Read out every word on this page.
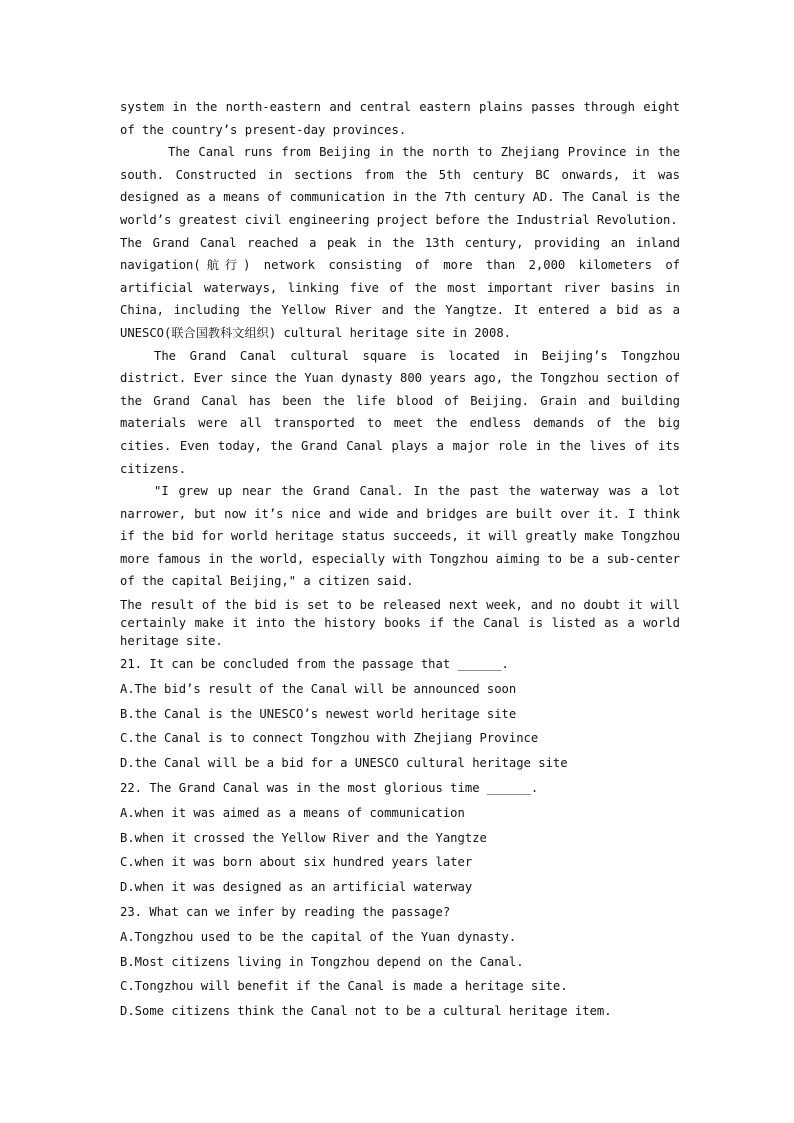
system in the north-eastern and central eastern plains passes through eight of the country’s present-day provinces.

The Canal runs from Beijing in the north to Zhejiang Province in the south. Constructed in sections from the 5th century BC onwards, it was designed as a means of communication in the 7th century AD. The Canal is the world’s greatest civil engineering project before the Industrial Revolution.

The Grand Canal reached a peak in the 13th century, providing an inland navigation(航行) network consisting of more than 2,000 kilometers of artificial waterways, linking five of the most important river basins in China, including the Yellow River and the Yangtze. It entered a bid as a UNESCO(联合国教科文组织) cultural heritage site in 2008.

The Grand Canal cultural square is located in Beijing’s Tongzhou district. Ever since the Yuan dynasty 800 years ago, the Tongzhou section of the Grand Canal has been the life blood of Beijing. Grain and building materials were all transported to meet the endless demands of the big cities. Even today, the Grand Canal plays a major role in the lives of its citizens.

"I grew up near the Grand Canal. In the past the waterway was a lot narrower, but now it’s nice and wide and bridges are built over it. I think if the bid for world heritage status succeeds, it will greatly make Tongzhou more famous in the world, especially with Tongzhou aiming to be a sub-center of the capital Beijing," a citizen said.

The result of the bid is set to be released next week, and no doubt it will certainly make it into the history books if the Canal is listed as a world heritage site.

21. It can be concluded from the passage that ______.

A.The bid’s result of the Canal will be announced soon

B.the Canal is the UNESCO’s newest world heritage site

C.the Canal is to connect Tongzhou with Zhejiang Province

D.the Canal will be a bid for a UNESCO cultural heritage site

22. The Grand Canal was in the most glorious time ______.

A.when it was aimed as a means of communication

B.when it crossed the Yellow River and the Yangtze

C.when it was born about six hundred years later

D.when it was designed as an artificial waterway

23. What can we infer by reading the passage?

A.Tongzhou used to be the capital of the Yuan dynasty.

B.Most citizens living in Tongzhou depend on the Canal.

C.Tongzhou will benefit if the Canal is made a heritage site.

D.Some citizens think the Canal not to be a cultural heritage item.
